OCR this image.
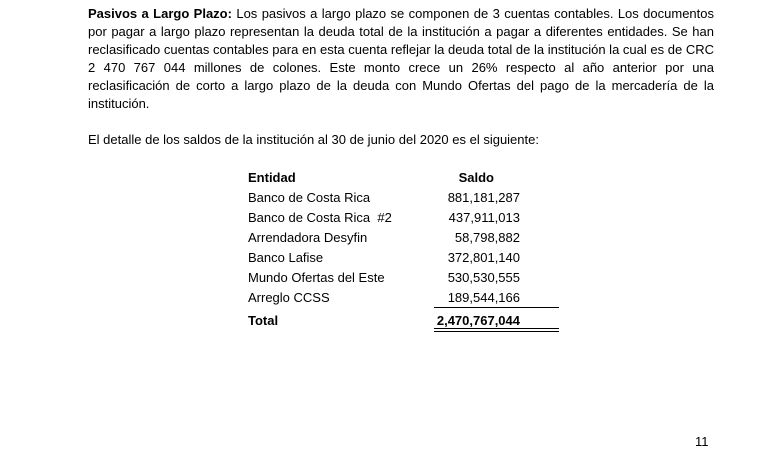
Pasivos a Largo Plazo: Los pasivos a largo plazo se componen de 3 cuentas contables. Los documentos por pagar a largo plazo representan la deuda total de la institución a pagar a diferentes entidades. Se han reclasificado cuentas contables para en esta cuenta reflejar la deuda total de la institución la cual es de CRC 2 470 767 044 millones de colones. Este monto crece un 26% respecto al año anterior por una reclasificación de corto a largo plazo de la deuda con Mundo Ofertas del pago de la mercadería de la institución.

El detalle de los saldos de la institución al 30 de junio del 2020 es el siguiente:

Entidad	Saldo
Banco de Costa Rica	881,181,287
Banco de Costa Rica  #2	437,911,013
Arrendadora Desyfin	58,798,882
Banco Lafise	372,801,140
Mundo Ofertas del Este	530,530,555
Arreglo CCSS	189,544,166
Total	2,470,767,044
11
